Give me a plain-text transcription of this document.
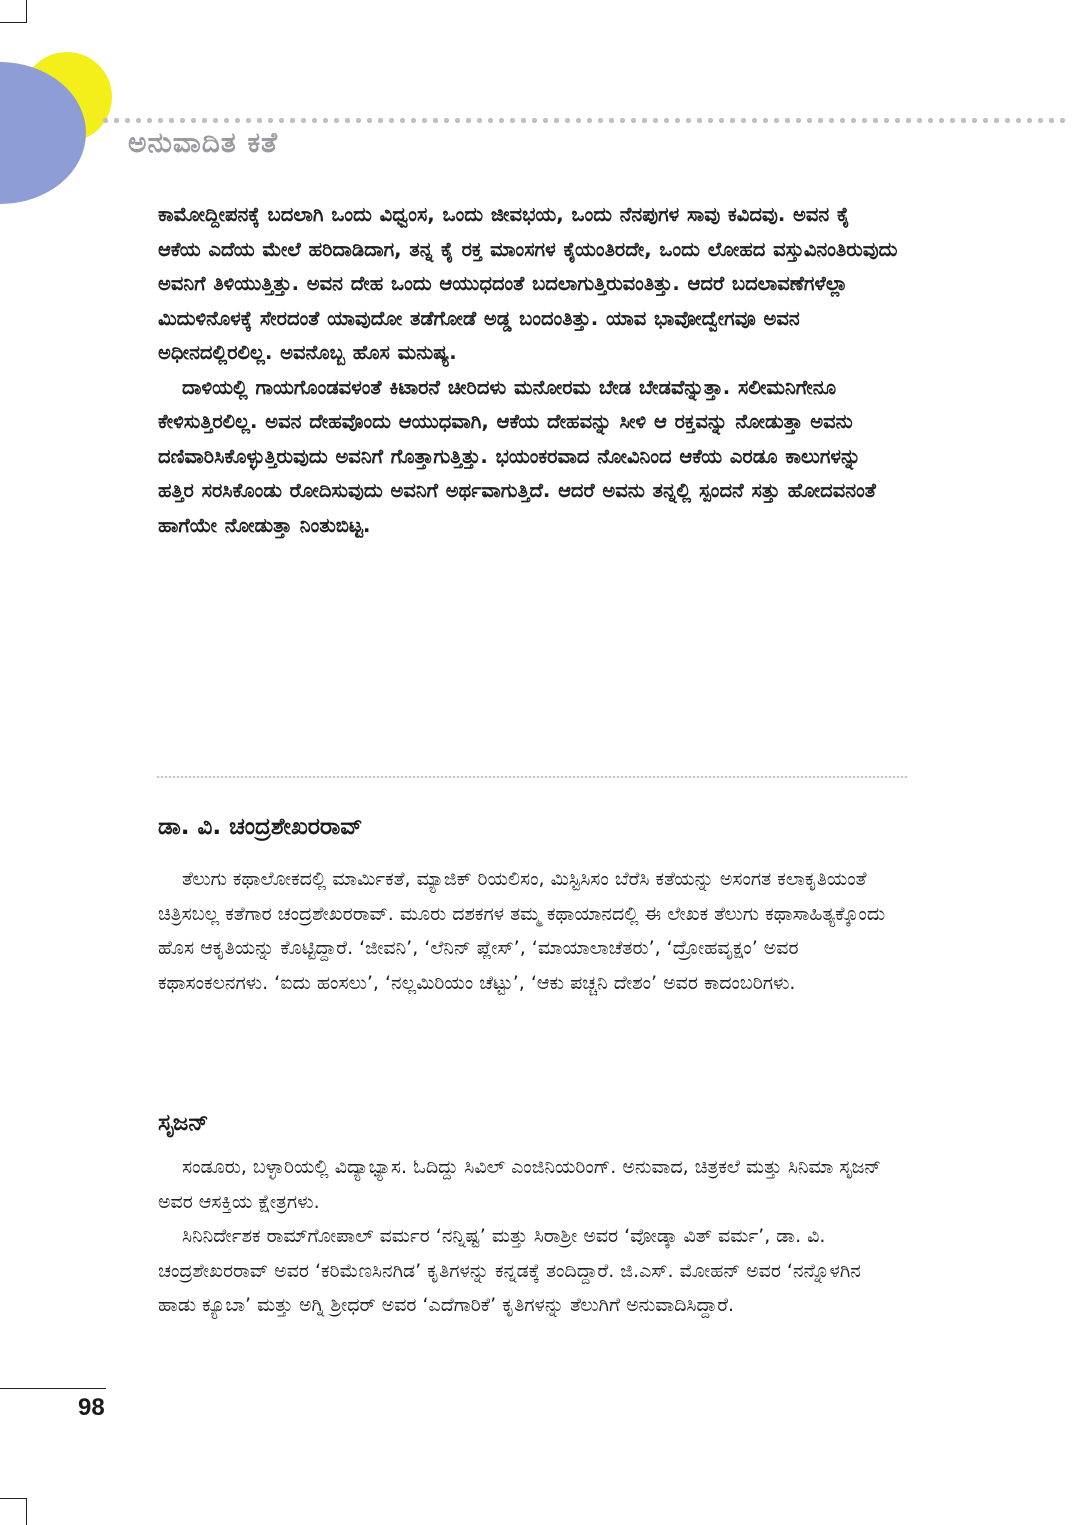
ಅನುವಾದಿತ ಕತೆ

ಕಾಮೋದ್ದೀಪನಕ್ಕೆ ಬದಲಾಗಿ ಒಂದು ವಿಧ್ವಂಸ, ಒಂದು ಜೀವಭಯ, ಒಂದು ನೆನಪುಗಳ ಸಾವು ಕವಿದವು. ಅವನ ಕೈ ಆಕೆಯ ಎದೆಯ ಮೇಲೆ ಹರಿದಾಡಿದಾಗ, ತನ್ನ ಕೈ ರಕ್ತ ಮಾಂಸಗಳ ಕೈಯಂತಿರದೇ, ಒಂದು ಲೋಹದ ವಸ್ತುವಿನಂತಿರುವುದು ಅವನಿಗೆ ತಿಳಿಯುತ್ತಿತ್ತು. ಅವನ ದೇಹ ಒಂದು ಆಯುಧದಂತೆ ಬದಲಾಗುತ್ತಿರುವಂತಿತ್ತು. ಆದರೆ ಬದಲಾವಣೆಗಳೆಲ್ಲಾ ಮಿದುಳಿನೊಳಕ್ಕೆ ಸೇರದಂತೆ ಯಾವುದೋ ತಡೆಗೋಡೆ ಅಡ್ಡ ಬಂದಂತಿತ್ತು. ಯಾವ ಭಾವೋದ್ವೇಗವೂ ಅವನ ಅಧೀನದಲ್ಲಿರಲಿಲ್ಲ. ಅವನೊಬ್ಬ ಹೊಸ ಮನುಷ್ಯ.

ದಾಳಿಯಲ್ಲಿ ಗಾಯಗೊಂಡವಳಂತೆ ಕಿಟಾರನೆ ಚೀರಿದಳು ಮನೋರಮ ಬೇಡ ಬೇಡವೆನ್ನುತ್ತಾ. ಸಲೀಮನಿಗೇನೂ ಕೇಳಿಸುತ್ತಿರಲಿಲ್ಲ. ಅವನ ದೇಹವೊಂದು ಆಯುಧವಾಗಿ, ಆಕೆಯ ದೇಹವನ್ನು ಸೀಳಿ ಆ ರಕ್ತವನ್ನು ನೋಡುತ್ತಾ ಅವನು ದಣಿವಾರಿಸಿಕೊಳ್ಳುತ್ತಿರುವುದು ಅವನಿಗೆ ಗೊತ್ತಾಗುತ್ತಿತ್ತು. ಭಯಂಕರವಾದ ನೋವಿನಿಂದ ಆಕೆಯ ಎರಡೂ ಕಾಲುಗಳನ್ನು ಹತ್ತಿರ ಸರಸಿಕೊಂಡು ರೋದಿಸುವುದು ಅವನಿಗೆ ಅರ್ಥವಾಗುತ್ತಿದೆ. ಆದರೆ ಅವನು ತನ್ನಲ್ಲಿ ಸ್ಪಂದನೆ ಸತ್ತು ಹೋದವನಂತೆ ಹಾಗೆಯೇ ನೋಡುತ್ತಾ ನಿಂತುಬಿಟ್ಟ.

ಡಾ. ವಿ. ಚಂದ್ರಶೇಖರರಾವ್

ತೆಲುಗು ಕಥಾಲೋಕದಲ್ಲಿ ಮಾರ್ಮಿಕತೆ, ಮ್ಯಾಜಿಕ್ ರಿಯಲಿಸಂ, ಮಿಸ್ಟಿಸಿಸಂ ಬೆರೆಸಿ ಕತೆಯನ್ನು ಅಸಂಗತ ಕಲಾಕೃತಿಯಂತೆ ಚಿತ್ರಿಸಬಲ್ಲ ಕತೆಗಾರ ಚಂದ್ರಶೇಖರರಾವ್. ಮೂರು ದಶಕಗಳ ತಮ್ಮ ಕಥಾಯಾನದಲ್ಲಿ ಈ ಲೇಖಕ ತೆಲುಗು ಕಥಾಸಾಹಿತ್ಯಕ್ಕೊಂದು ಹೊಸ ಆಕೃತಿಯನ್ನು ಕೊಟ್ಟಿದ್ದಾರೆ. ‘ಜೀವನಿ’, ‘ಲೆನಿನ್ ಪ್ಲೇಸ್’, ‘ಮಾಯಾಲಾಚೆತರು’, ‘ದ್ರೋಹವೃಕ್ಷಂ’ ಅವರ ಕಥಾಸಂಕಲನಗಳು. ‘ಐದು ಹಂಸಲು’, ‘ನಲ್ಲಮಿರಿಯಂ ಚೆಟ್ಟು’, ‘ಆಕು ಪಚ್ಚನಿ ದೇಶಂ’ ಅವರ ಕಾದಂಬರಿಗಳು.

ಸೃಜನ್

ಸಂಡೂರು, ಬಳ್ಳಾರಿಯಲ್ಲಿ ವಿದ್ಯಾಭ್ಯಾಸ. ಓದಿದ್ದು ಸಿವಿಲ್ ಎಂಜಿನಿಯರಿಂಗ್. ಅನುವಾದ, ಚಿತ್ರಕಲೆ ಮತ್ತು ಸಿನಿಮಾ ಸೃಜನ್ ಅವರ ಆಸಕ್ತಿಯ ಕ್ಷೇತ್ರಗಳು.

ಸಿನಿನಿರ್ದೇಶಕ ರಾಮ್‌ಗೋಪಾಲ್ ವರ್ಮರ ‘ನನ್ನಿಷ್ಟ’ ಮತ್ತು ಸಿರಾಶ್ರೀ ಅವರ ‘ವೋಡ್ಕಾ ವಿತ್ ವರ್ಮ’, ಡಾ. ವಿ. ಚಂದ್ರಶೇಖರರಾವ್ ಅವರ ‘ಕರಿಮೆಣಸಿನಗಿಡ’ ಕೃತಿಗಳನ್ನು ಕನ್ನಡಕ್ಕೆ ತಂದಿದ್ದಾರೆ. ಜಿ.ಎಸ್. ಮೋಹನ್ ಅವರ ‘ನನ್ನೊಳಗಿನ ಹಾಡು ಕ್ಯೂಬಾ’ ಮತ್ತು ಅಗ್ನಿ ಶ್ರೀಧರ್ ಅವರ ‘ಎದೆಗಾರಿಕೆ’ ಕೃತಿಗಳನ್ನು ತೆಲುಗಿಗೆ ಅನುವಾದಿಸಿದ್ದಾರೆ.

98
